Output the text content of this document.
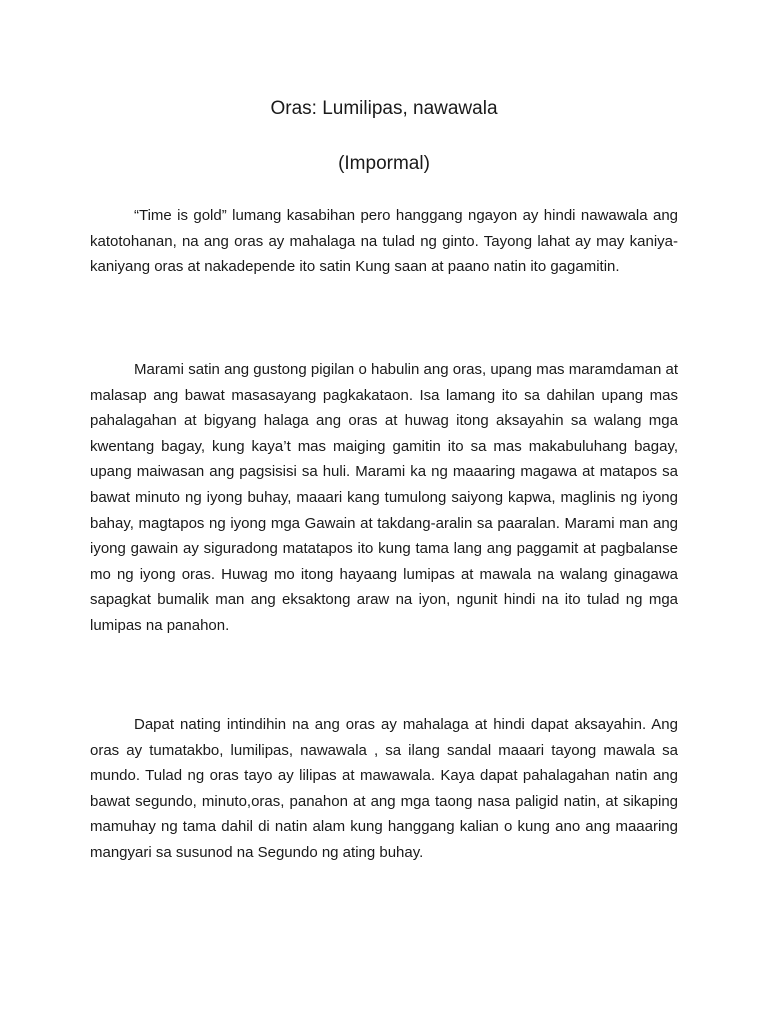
Oras: Lumilipas, nawawala
(Impormal)

“Time is gold” lumang kasabihan pero hanggang ngayon ay hindi nawawala ang katotohanan, na ang oras ay mahalaga na tulad ng ginto. Tayong lahat ay may kaniya-kaniyang oras at nakadepende ito satin Kung saan at paano natin ito gagamitin.

Marami satin ang gustong pigilan o habulin ang oras, upang mas maramdaman at malasap ang bawat masasayang pagkakataon. Isa lamang ito sa dahilan upang mas pahalagahan at bigyang halaga ang oras at huwag itong aksayahin sa walang mga kwentang bagay, kung kaya’t mas maiging gamitin ito sa mas makabuluhang bagay, upang maiwasan ang pagsisisi sa huli. Marami ka ng maaaring magawa at matapos sa bawat minuto ng iyong buhay, maaari kang tumulong saiyong kapwa, maglinis ng iyong bahay, magtapos ng iyong mga Gawain at takdang-aralin sa paaralan. Marami man ang iyong gawain ay siguradong matatapos ito kung tama lang ang paggamit at pagbalanse mo ng iyong oras. Huwag mo itong hayaang lumipas at mawala na walang ginagawa sapagkat bumalik man ang eksaktong araw na iyon, ngunit hindi na ito tulad ng mga lumipas na panahon.

Dapat nating intindihin na ang oras ay mahalaga at hindi dapat aksayahin. Ang oras ay tumatakbo, lumilipas, nawawala , sa ilang sandal maaari tayong mawala sa mundo. Tulad ng oras tayo ay lilipas at mawawala. Kaya dapat pahalagahan natin ang bawat segundo, minuto,oras, panahon at ang mga taong nasa paligid natin, at sikaping mamuhay ng tama dahil di natin alam kung hanggang kalian o kung ano ang maaaring mangyari sa susunod na Segundo ng ating buhay.
